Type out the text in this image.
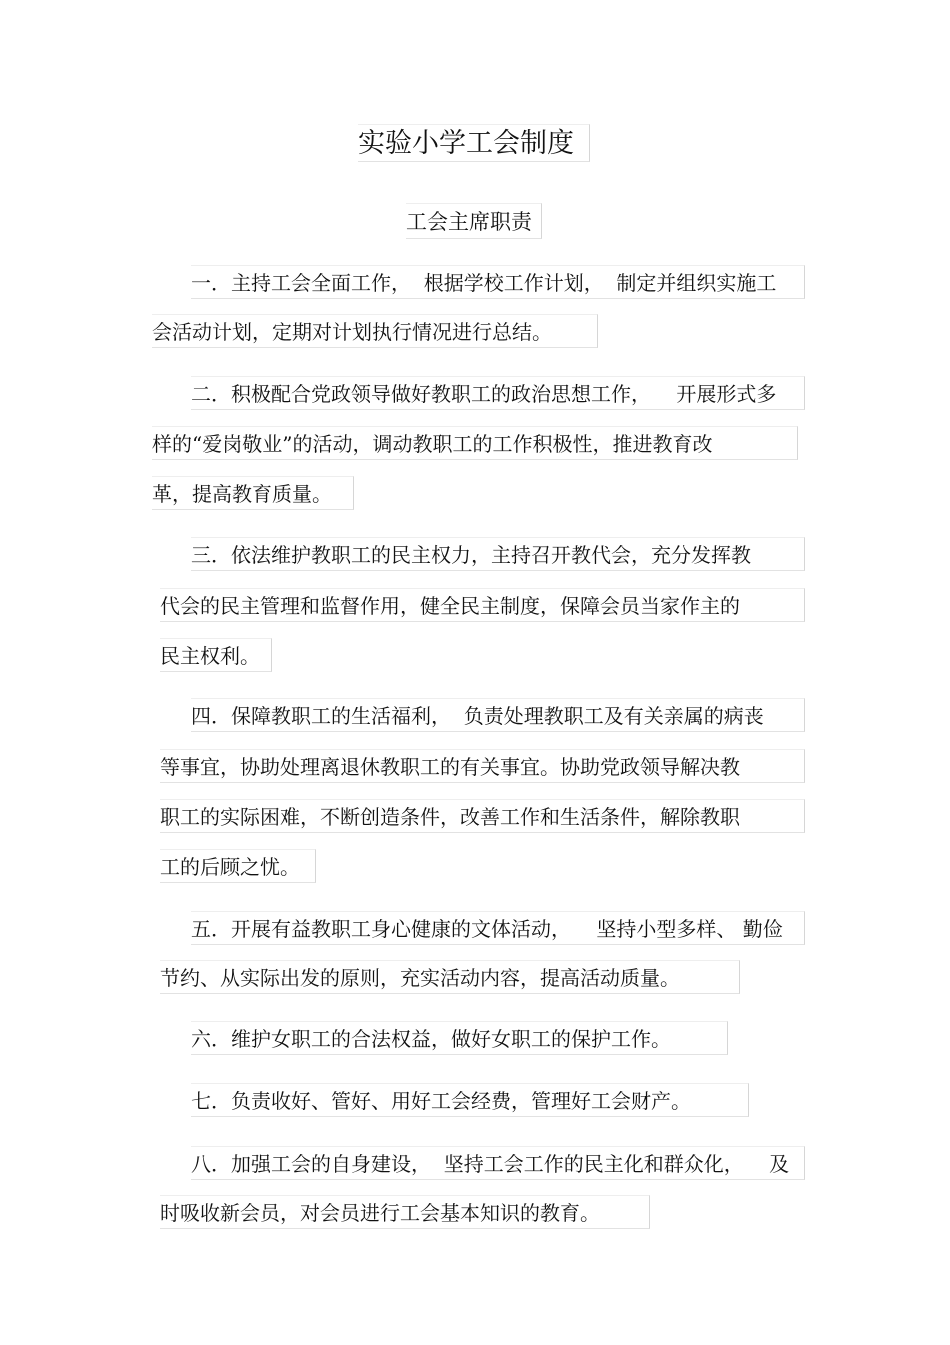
实验小学工会制度
工会主席职责
一．主持工会全面工作，  根据学校工作计划，  制定并组织实施工
会活动计划，定期对计划执行情况进行总结。
二．积极配合党政领导做好教职工的政治思想工作，    开展形式多
样的“爱岗敬业”的活动，调动教职工的工作积极性，推进教育改
革，提高教育质量。
三．依法维护教职工的民主权力，主持召开教代会，充分发挥教
代会的民主管理和监督作用，健全民主制度，保障会员当家作主的
民主权利。
四．保障教职工的生活福利，  负责处理教职工及有关亲属的病丧
等事宜，协助处理离退休教职工的有关事宜。协助党政领导解决教
职工的实际困难，不断创造条件，改善工作和生活条件，解除教职
工的后顾之忧。
五．开展有益教职工身心健康的文体活动，    坚持小型多样、 勤俭
节约、从实际出发的原则，充实活动内容，提高活动质量。
六．维护女职工的合法权益，做好女职工的保护工作。
七．负责收好、管好、用好工会经费，管理好工会财产。
八．加强工会的自身建设，  坚持工会工作的民主化和群众化，    及
时吸收新会员，对会员进行工会基本知识的教育。
